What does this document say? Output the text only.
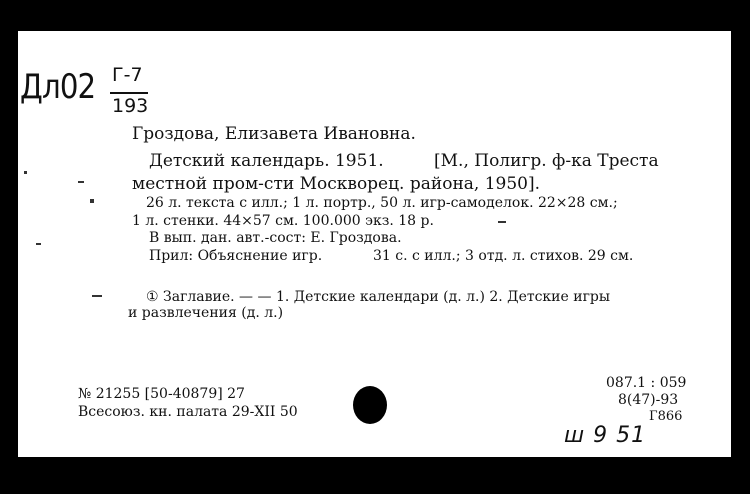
Дл02 Г-7
193
Гроздова, Елизавета Ивановна.
Детский календарь. 1951.	[М., Полигр. ф-ка Треста
местной пром-сти Москворец. района, 1950].
26 л. текста с илл.; 1 л. портр., 50 л. игр-самоделок. 22×28 см.;
1 л. стенки. 44×57 см. 100.000 экз. 18 р.
В вып. дан. авт.-сост: Е. Гроздова.
Прил: Объяснение игр.	31 с. с илл.; 3 отд. л. стихов. 29 см.
① Заглавие. — — 1. Детские календари (д. л.) 2. Детские игры
и развлечения (д. л.)
№ 21255 [50-40879] 27
Всесоюз. кн. палата 29-XII 50
087.1 : 059
8(47)-93
Г866
ш 9 51
